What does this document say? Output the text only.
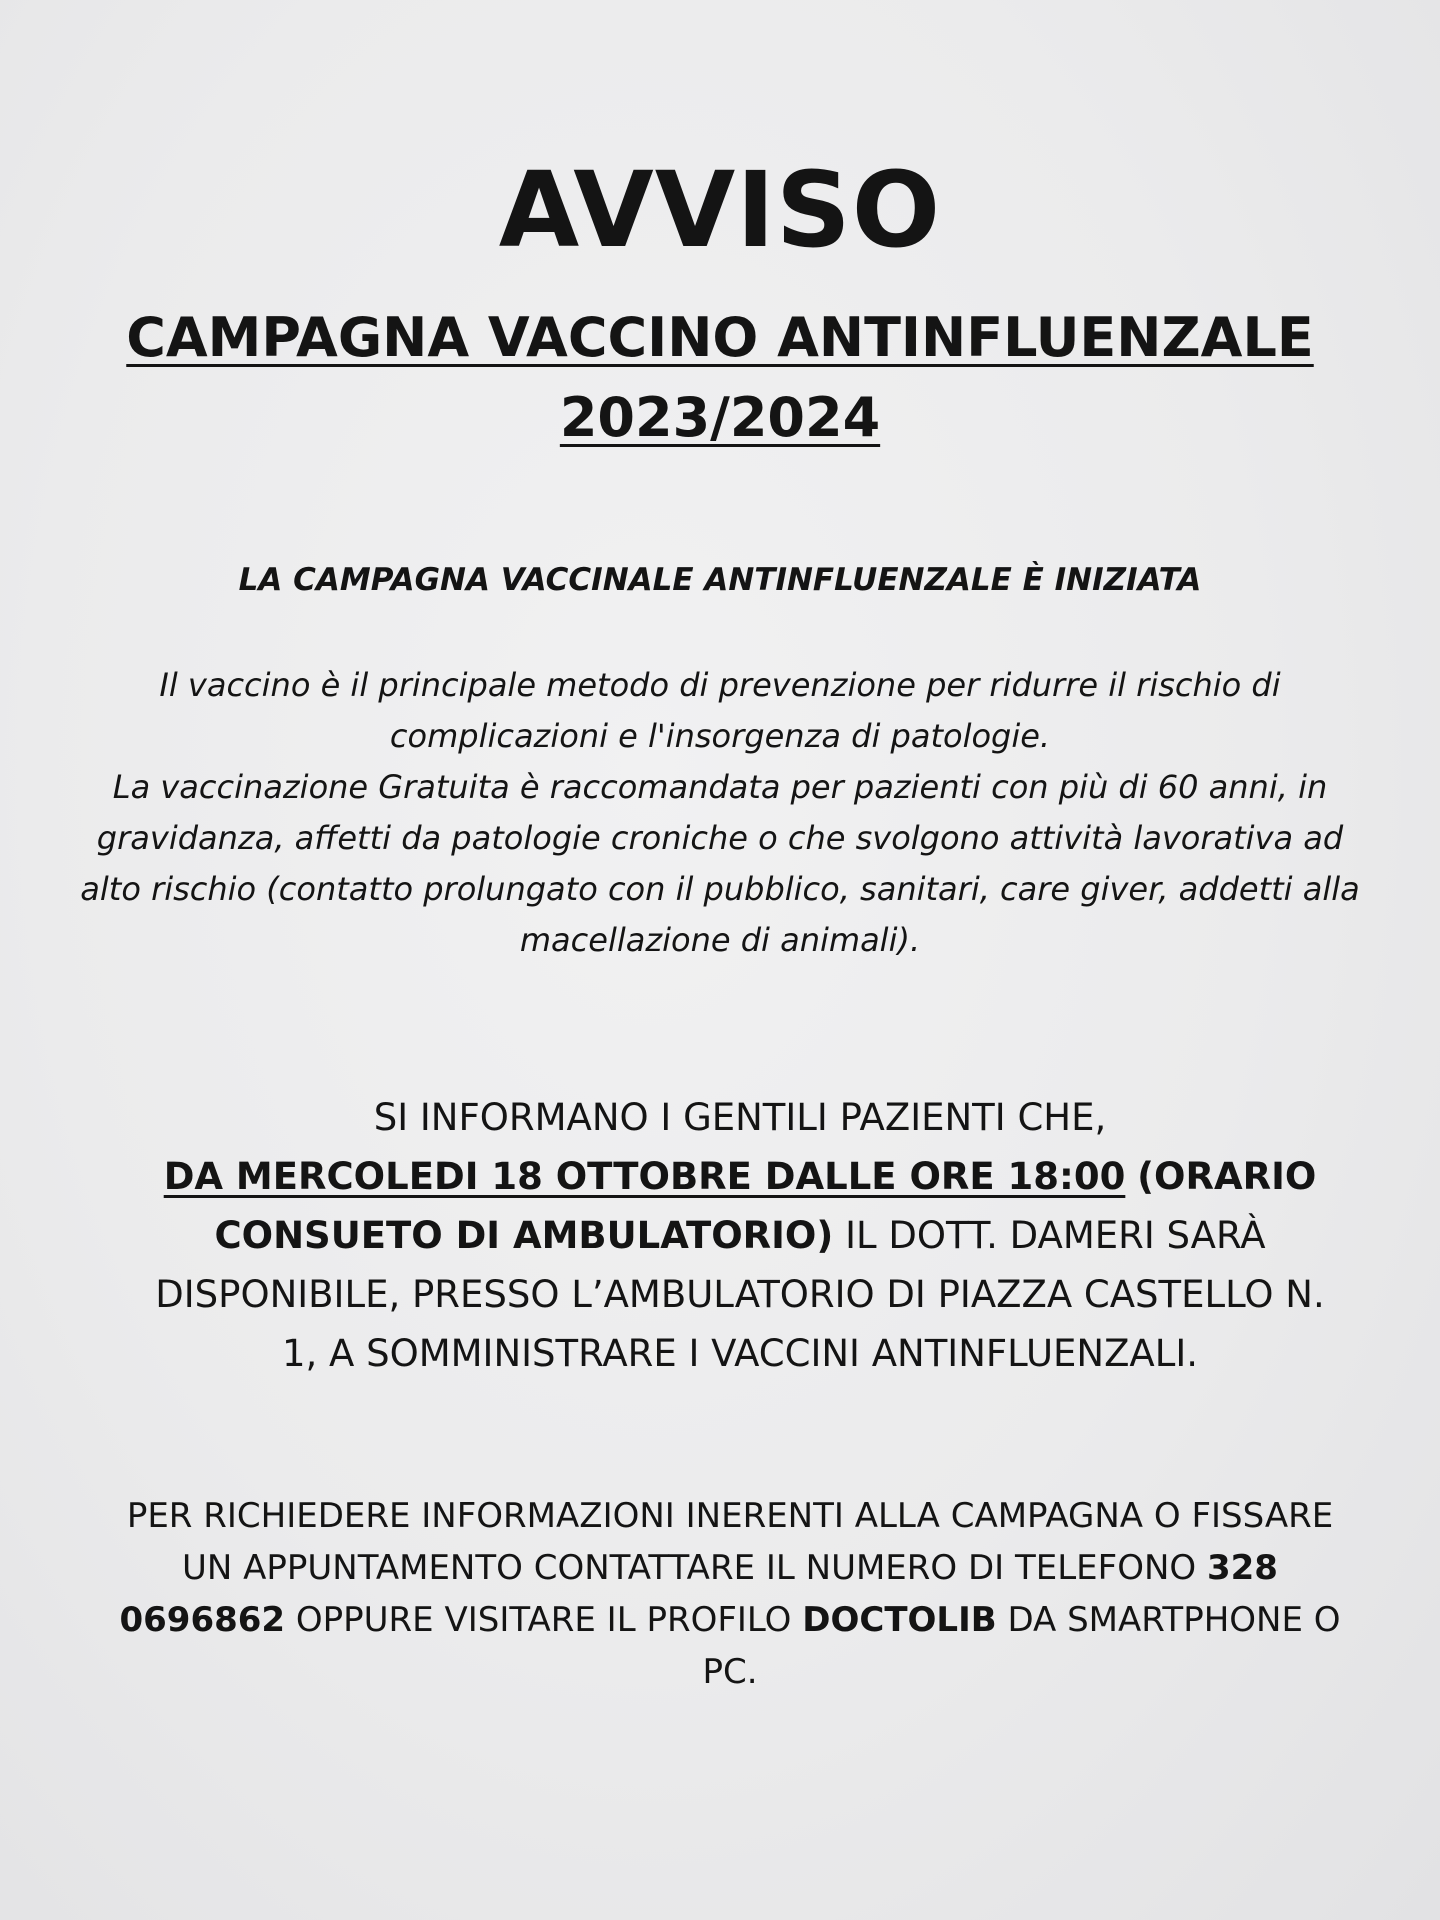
AVVISO
CAMPAGNA VACCINO ANTINFLUENZALE
2023/2024
LA CAMPAGNA VACCINALE ANTINFLUENZALE È INIZIATA

Il vaccino è il principale metodo di prevenzione per ridurre il rischio di complicazioni e l'insorgenza di patologie.

La vaccinazione Gratuita è raccomandata per pazienti con più di 60 anni, in gravidanza, affetti da patologie croniche o che svolgono attività lavorativa ad alto rischio (contatto prolungato con il pubblico, sanitari, care giver, addetti alla macellazione di animali).

SI INFORMANO I GENTILI PAZIENTI CHE,

DA MERCOLEDI 18 OTTOBRE DALLE ORE 18:00 (ORARIO CONSUETO DI AMBULATORIO) IL DOTT. DAMERI SARÀ DISPONIBILE, PRESSO L’AMBULATORIO DI PIAZZA CASTELLO N. 1, A SOMMINISTRARE I VACCINI ANTINFLUENZALI.

PER RICHIEDERE INFORMAZIONI INERENTI ALLA CAMPAGNA O FISSARE UN APPUNTAMENTO CONTATTARE IL NUMERO DI TELEFONO 328 0696862 OPPURE VISITARE IL PROFILO DOCTOLIB DA SMARTPHONE O PC.
